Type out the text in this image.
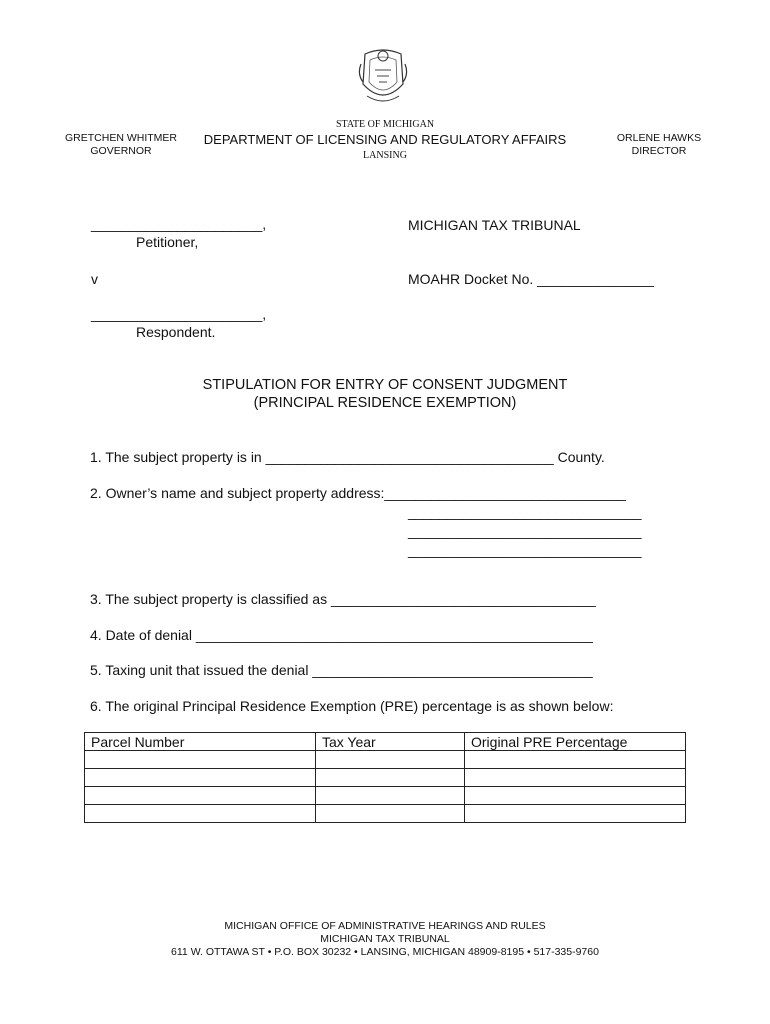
GRETCHEN WHITMER
GOVERNOR
STATE OF MICHIGAN
DEPARTMENT OF LICENSING AND REGULATORY AFFAIRS
LANSING
ORLENE HAWKS
DIRECTOR
______________________,
Petitioner,
v
______________________,
Respondent.
MICHIGAN TAX TRIBUNAL
MOAHR Docket No. _______________
STIPULATION FOR ENTRY OF CONSENT JUDGMENT
(PRINCIPAL RESIDENCE EXEMPTION)
1. The subject property is in _____________________________________ County.
2. Owner’s name and subject property address:_______________________________
______________________________
______________________________
______________________________
3. The subject property is classified as __________________________________
4. Date of denial ___________________________________________________
5. Taxing unit that issued the denial ____________________________________
6. The original Principal Residence Exemption (PRE) percentage is as shown below:
Parcel Number	Tax Year	Original PRE Percentage

MICHIGAN OFFICE OF ADMINISTRATIVE HEARINGS AND RULES
MICHIGAN TAX TRIBUNAL
611 W. OTTAWA ST • P.O. BOX 30232 • LANSING, MICHIGAN 48909-8195 • 517-335-9760
